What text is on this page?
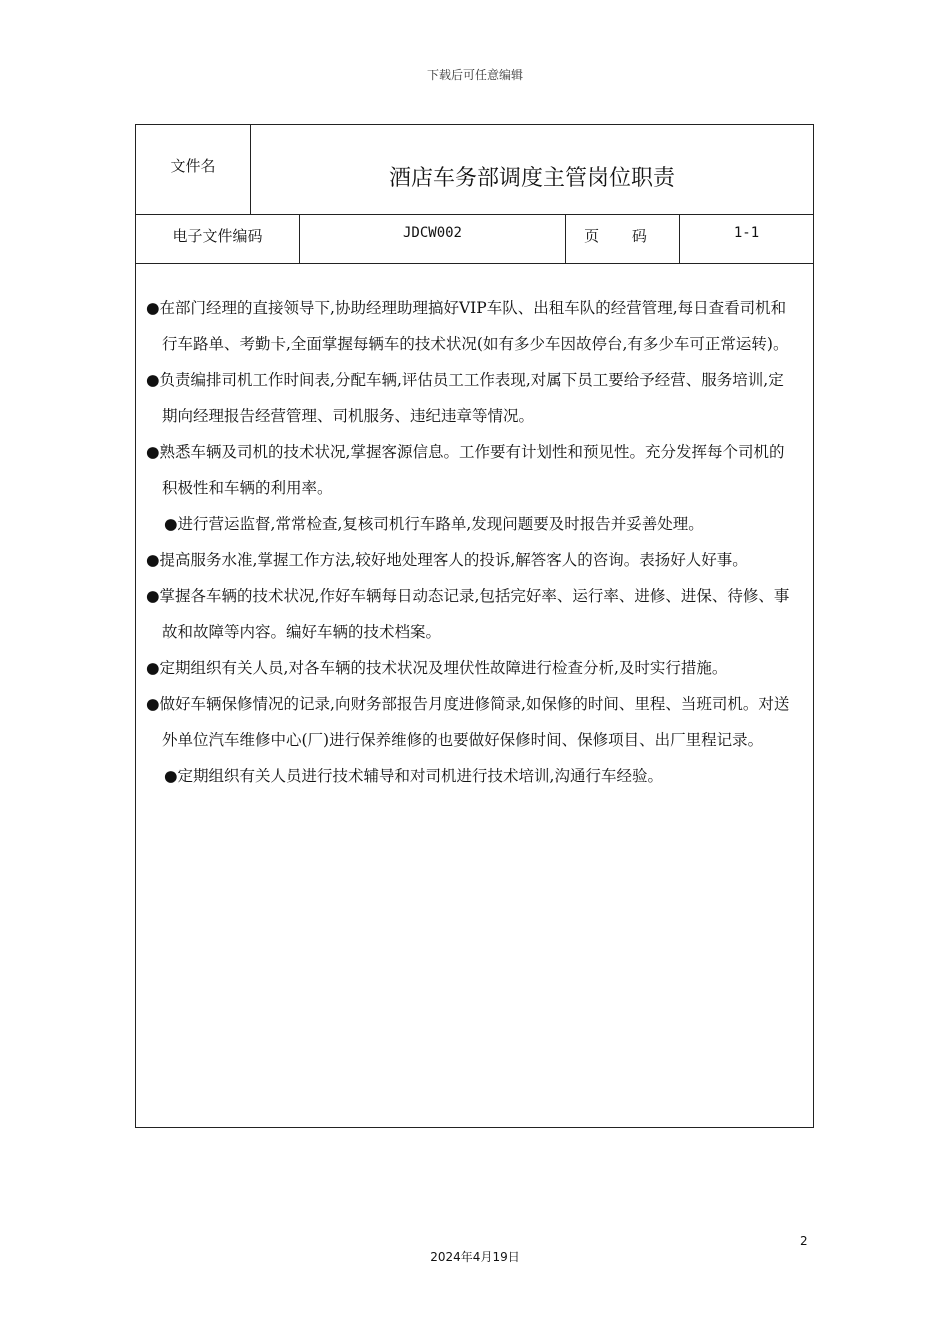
下载后可任意编辑
文件名	酒店车务部调度主管岗位职责
电子文件编码	JDCW002	页 码	1-1

●在部门经理的直接领导下,协助经理助理搞好VIP车队、出租车队的经营管理,每日查看司机和行车路单、考勤卡,全面掌握每辆车的技术状况(如有多少车因故停台,有多少车可正常运转)。

●负责编排司机工作时间表,分配车辆,评估员工工作表现,对属下员工要给予经营、服务培训,定期向经理报告经营管理、司机服务、违纪违章等情况。

●熟悉车辆及司机的技术状况,掌握客源信息。工作要有计划性和预见性。充分发挥每个司机的积极性和车辆的利用率。

●进行营运监督,常常检查,复核司机行车路单,发现问题要及时报告并妥善处理。

●提高服务水准,掌握工作方法,较好地处理客人的投诉,解答客人的咨询。表扬好人好事。

●掌握各车辆的技术状况,作好车辆每日动态记录,包括完好率、运行率、进修、进保、待修、事故和故障等内容。编好车辆的技术档案。

●定期组织有关人员,对各车辆的技术状况及埋伏性故障进行检查分析,及时实行措施。

●做好车辆保修情况的记录,向财务部报告月度进修简录,如保修的时间、里程、当班司机。对送外单位汽车维修中心(厂)进行保养维修的也要做好保修时间、保修项目、出厂里程记录。

●定期组织有关人员进行技术辅导和对司机进行技术培训,沟通行车经验。

2
2024年4月19日
